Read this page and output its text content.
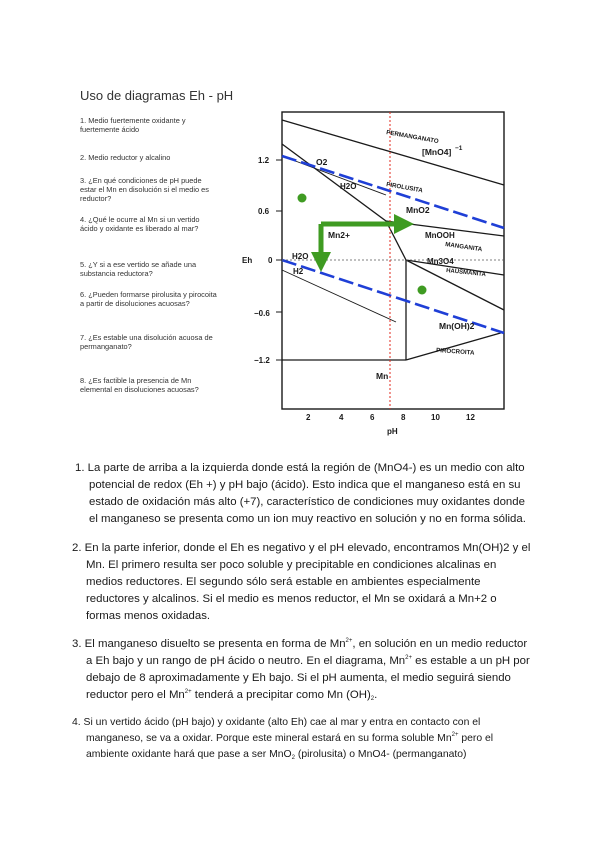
Uso de diagramas Eh - pH
1. Medio fuertemente oxidante y fuertemente ácido
2. Medio reductor y alcalino
3. ¿En qué condiciones de pH puede estar el Mn en disolución si el medio es reductor?
4. ¿Qué le ocurre al Mn si un vertido ácido y oxidante es liberado al mar?
5. ¿Y si a ese vertido se añade una substancia reductora?
6. ¿Pueden formarse pirolusita y pirocoita a partir de disoluciones acuosas?
7. ¿Es estable una disolución acuosa de permanganato?
8. ¿Es factible la presencia de Mn elemental en disoluciones acuosas?
1.2
0.6
0
−0.6
−1.2
2	4	6	8	10	12
Eh
pH
PERMANGANATO
[MnO4] −1
O2
H2O	PIROLUSITA
MnO2
Mn2+	MnOOH
MANGANITA
Mn3O4
HAUSMANITA
H2O
H2
Mn(OH)2
PIROCROITA
Mn

1. La parte de arriba a la izquierda donde está la región de (MnO4-) es un medio con alto potencial de redox (Eh +) y pH bajo (ácido). Esto indica que el manganeso está en su estado de oxidación más alto (+7), característico de condiciones muy oxidantes donde el manganeso se presenta como un ion muy reactivo en solución y no en forma sólida.

2. En la parte inferior, donde el Eh es negativo y el pH elevado, encontramos Mn(OH)2 y el Mn. El primero resulta ser poco soluble y precipitable en condiciones alcalinas en medios reductores. El segundo sólo será estable en ambientes especialmente reductores y alcalinos. Si el medio es menos reductor, el Mn se oxidará a Mn+2 o formas menos oxidadas.

3. El manganeso disuelto se presenta en forma de $Mn^{2+}$, en solución en un medio reductor a Eh bajo y un rango de pH ácido o neutro. En el diagrama, $Mn^{2+}$ es estable a un pH por debajo de 8 aproximadamente y Eh bajo. Si el pH aumenta, el medio seguirá siendo reductor pero el $Mn^{2+}$ tenderá a precipitar como Mn $(OH)_2$.

4. Si un vertido ácido (pH bajo) y oxidante (alto Eh) cae al mar y entra en contacto con el manganeso, se va a oxidar. Porque este mineral estará en su forma soluble $Mn^{2+}$ pero el ambiente oxidante hará que pase a ser MnO$_2$ (pirolusita) o MnO4- (permanganato)
